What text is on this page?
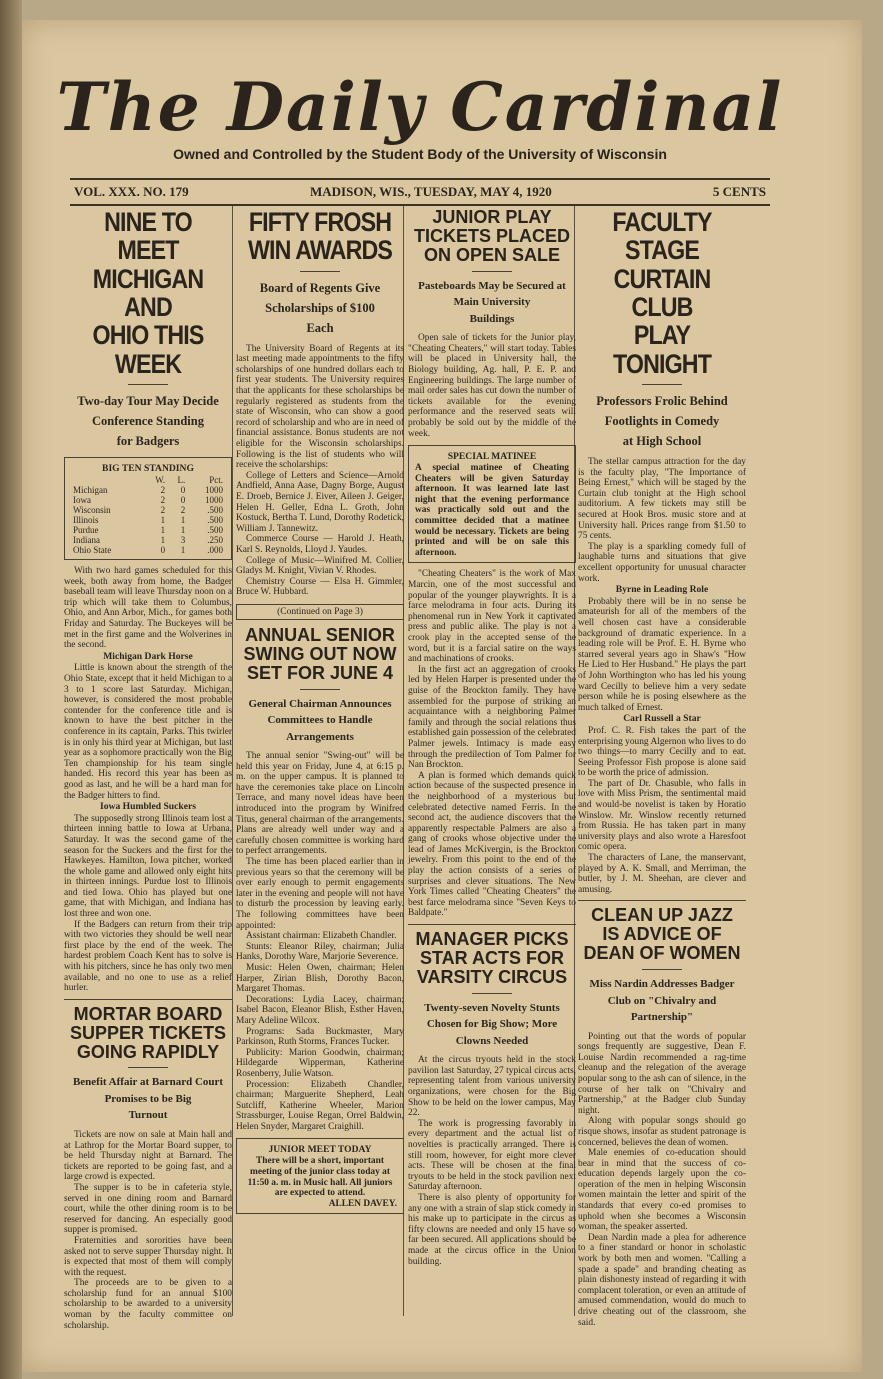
The Daily Cardinal
Owned and Controlled by the Student Body of the University of Wisconsin
VOL. XXX. NO. 179	MADISON, WIS., TUESDAY, MAY 4, 1920	5 CENTS
NINE TO MEET
MICHIGAN AND
OHIO THIS WEEK
Two-day Tour May Decide
Conference Standing
for Badgers
BIG TEN STANDING
	W.	L.	Pct.
Michigan	2	0	1000
Iowa	2	0	1000
Wisconsin	2	2	.500
Illinois	1	1	.500
Purdue	1	1	.500
Indiana	1	3	.250
Ohio State	0	1	.000

With two hard games scheduled for this week, both away from home, the Badger baseball team will leave Thursday noon on a trip which will take them to Columbus, Ohio, and Ann Arbor, Mich., for games both Friday and Saturday. The Buckeyes will be met in the first game and the Wolverines in the second.

Michigan Dark Horse

Little is known about the strength of the Ohio State, except that it held Michigan to a 3 to 1 score last Saturday. Michigan, however, is considered the most probable contender for the conference title and is known to have the best pitcher in the conference in its captain, Parks. This twirler is in only his third year at Michigan, but last year as a sophomore practically won the Big Ten championship for his team single handed. His record this year has been as good as last, and he will be a hard man for the Badger hitters to find.

Iowa Humbled Suckers

The supposedly strong Illinois team lost a thirteen inning battle to Iowa at Urbana, Saturday. It was the second game of the season for the Suckers and the first for the Hawkeyes. Hamilton, Iowa pitcher, worked the whole game and allowed only eight hits in thirteen innings. Purdue lost to Illinois and tied Iowa. Ohio has played but one game, that with Michigan, and Indiana has lost three and won one.

If the Badgers can return from their trip with two victories they should be well near first place by the end of the week. The hardest problem Coach Kent has to solve is with his pitchers, since he has only two men available, and no one to use as a relief hurler.

MORTAR BOARD
SUPPER TICKETS
GOING RAPIDLY
Benefit Affair at Barnard Court
Promises to be Big
Turnout

Tickets are now on sale at Main hall and at Lathrop for the Mortar Board supper, to be held Thursday night at Barnard. The tickets are reported to be going fast, and a large crowd is expected.

The supper is to be in cafeteria style, served in one dining room and Barnard court, while the other dining room is to be reserved for dancing. An especially good supper is promised.

Fraternities and sororities have been asked not to serve supper Thursday night. It is expected that most of them will comply with the request.

The proceeds are to be given to a scholarship fund for an annual $100 scholarship to be awarded to a university woman by the faculty committee on scholarship.

FIFTY FROSH
WIN AWARDS
Board of Regents Give
Scholarships of $100
Each

The University Board of Regents at its last meeting made appointments to the fifty scholarships of one hundred dollars each to first year students. The University requires that the applicants for these scholarships be regularly registered as students from the state of Wisconsin, who can show a good record of scholarship and who are in need of financial assistance. Bonus students are not eligible for the Wisconsin scholarships. Following is the list of students who will receive the scholarships:

College of Letters and Science—Arnold Andfield, Anna Aase, Dagny Borge, August E. Droeb, Bernice J. Eiver, Aileen J. Geiger, Helen H. Geller, Edna L. Groth, John Kostuck, Bertha T. Lund, Dorothy Rodetick, William J. Tannewitz.

Commerce Course — Harold J. Heath, Karl S. Reynolds, Lloyd J. Yaudes.

College of Music—Winifred M. Collier, Gladys M. Knight, Vivian V. Rhodes.

Chemistry Course — Elsa H. Gimmler, Bruce W. Hubbard.

(Continued on Page 3)
ANNUAL SENIOR
SWING OUT NOW
SET FOR JUNE 4
General Chairman Announces
Committees to Handle
Arrangements

The annual senior "Swing-out" will be held this year on Friday, June 4, at 6:15 p. m. on the upper campus. It is planned to have the ceremonies take place on Lincoln Terrace, and many novel ideas have been introduced into the program by Winifred Titus, general chairman of the arrangements. Plans are already well under way and a carefully chosen committee is working hard to perfect arrangements.

The time has been placed earlier than in previous years so that the ceremony will be over early enough to permit engagements later in the evening and people will not have to disturb the procession by leaving early. The following committees have been appointed:

Assistant chairman: Elizabeth Chandler.

Stunts: Eleanor Riley, chairman; Julia Hanks, Dorothy Ware, Marjorie Severence.

Music: Helen Owen, chairman; Helen Harper, Zirian Blish, Dorothy Bacon, Margaret Thomas.

Decorations: Lydia Lacey, chairman; Isabel Bacon, Eleanor Blish, Esther Haven, Mary Adeline Wilcox.

Programs: Sada Buckmaster, Mary Parkinson, Ruth Storms, Frances Tucker.

Publicity: Marion Goodwin, chairman; Hildegarde Wipperman, Katherine Rosenberry, Julie Watson.

Procession: Elizabeth Chandler, chairman; Marguerite Shepherd, Leah Sutcliff, Katherine Wheeler, Marion Strassburger, Louise Regan, Orrel Baldwin, Helen Snyder, Margaret Craighill.

JUNIOR MEET TODAY
There will be a short, important meeting of the junior class today at 11:50 a. m. in Music hall. All juniors are expected to attend.
ALLEN DAVEY.
JUNIOR PLAY
TICKETS PLACED
ON OPEN SALE
Pasteboards May be Secured at
Main University
Buildings

Open sale of tickets for the Junior play, "Cheating Cheaters," will start today. Tables will be placed in University hall, the Biology building, Ag. hall, P. E. P. and Engineering buildings. The large number of mail order sales has cut down the number of tickets available for the evening performance and the reserved seats will probably be sold out by the middle of the week.

SPECIAL MATINEE
A special matinee of Cheating Cheaters will be given Saturday afternoon. It was learned late last night that the evening performance was practically sold out and the committee decided that a matinee would be necessary. Tickets are being printed and will be on sale this afternoon.

"Cheating Cheaters" is the work of Max Marcin, one of the most successful and popular of the younger playwrights. It is a farce melodrama in four acts. During its phenomenal run in New York it captivated press and public alike. The play is not a crook play in the accepted sense of the word, but it is a farcial satire on the ways and machinations of crooks.

In the first act an aggregation of crooks led by Helen Harper is presented under the guise of the Brockton family. They have assembled for the purpose of striking an acquaintance with a neighboring Palmer family and through the social relations thus established gain possession of the celebrated Palmer jewels. Intimacy is made easy through the predilection of Tom Palmer for Nan Brockton.

A plan is formed which demands quick action because of the suspected presence in the neighborhood of a mysterious but celebrated detective named Ferris. In the second act, the audience discovers that the apparently respectable Palmers are also a gang of crooks whose objective under the lead of James McKivergin, is the Brockton jewelry. From this point to the end of the play the action consists of a series of surprises and clever situations. The New York Times called "Cheating Cheaters" the best farce melodrama since "Seven Keys to Baldpate."

MANAGER PICKS
STAR ACTS FOR
VARSITY CIRCUS
Twenty-seven Novelty Stunts
Chosen for Big Show; More
Clowns Needed

At the circus tryouts held in the stock pavilion last Saturday, 27 typical circus acts, representing talent from various university organizations, were chosen for the Big Show to be held on the lower campus, May 22.

The work is progressing favorably in every department and the actual list of novelties is practically arranged. There is still room, however, for eight more clever acts. These will be chosen at the final tryouts to be held in the stock pavilion next Saturday afternoon.

There is also plenty of opportunity for any one with a strain of slap stick comedy in his make up to participate in the circus as fifty clowns are needed and only 15 have so far been secured. All applications should be made at the circus office in the Union building.

FACULTY STAGE
CURTAIN CLUB
PLAY TONIGHT
Professors Frolic Behind
Footlights in Comedy
at High School

The stellar campus attraction for the day is the faculty play, "The Importance of Being Ernest," which will be staged by the Curtain club tonight at the High school auditorium. A few tickets may still be secured at Hook Bros. music store and at University hall. Prices range from $1.50 to 75 cents.

The play is a sparkling comedy full of laughable turns and situations that give excellent opportunity for unusual character work.

Byrne in Leading Role

Probably there will be in no sense be amateurish for all of the members of the well chosen cast have a considerable background of dramatic experience. In a leading role will be Prof. E. H. Byrne who starred several years ago in Shaw's "How He Lied to Her Husband." He plays the part of John Worthington who has led his young ward Cecilly to believe him a very sedate person while he is posing elsewhere as the much talked of Ernest.

Carl Russell a Star

Prof. C. R. Fish takes the part of the enterprising young Algernon who lives to do two things—to marry Cecilly and to eat. Seeing Professor Fish propose is alone said to be worth the price of admission.

The part of Dr. Chasuble, who falls in love with Miss Prism, the sentimental maid and would-be novelist is taken by Horatio Winslow. Mr. Winslow recently returned from Russia. He has taken part in many university plays and also wrote a Haresfoot comic opera.

The characters of Lane, the manservant, played by A. K. Small, and Merriman, the butler, by J. M. Sheehan, are clever and amusing.

CLEAN UP JAZZ
IS ADVICE OF
DEAN OF WOMEN
Miss Nardin Addresses Badger
Club on "Chivalry and
Partnership"

Pointing out that the words of popular songs frequently are suggestive, Dean F. Louise Nardin recommended a rag-time cleanup and the relegation of the average popular song to the ash can of silence, in the course of her talk on "Chivalry and Partnership," at the Badger club Sunday night.

Along with popular songs should go risque shows, insofar as student patronage is concerned, believes the dean of women.

Male enemies of co-education should bear in mind that the success of co-education depends largely upon the co-operation of the men in helping Wisconsin women maintain the letter and spirit of the standards that every co-ed promises to uphold when she becomes a Wisconsin woman, the speaker asserted.

Dean Nardin made a plea for adherence to a finer standard or honor in scholastic work by both men and women. "Calling a spade a spade" and branding cheating as plain dishonesty instead of regarding it with complacent toleration, or even an attitude of amused commendation, would do much to drive cheating out of the classroom, she said.
